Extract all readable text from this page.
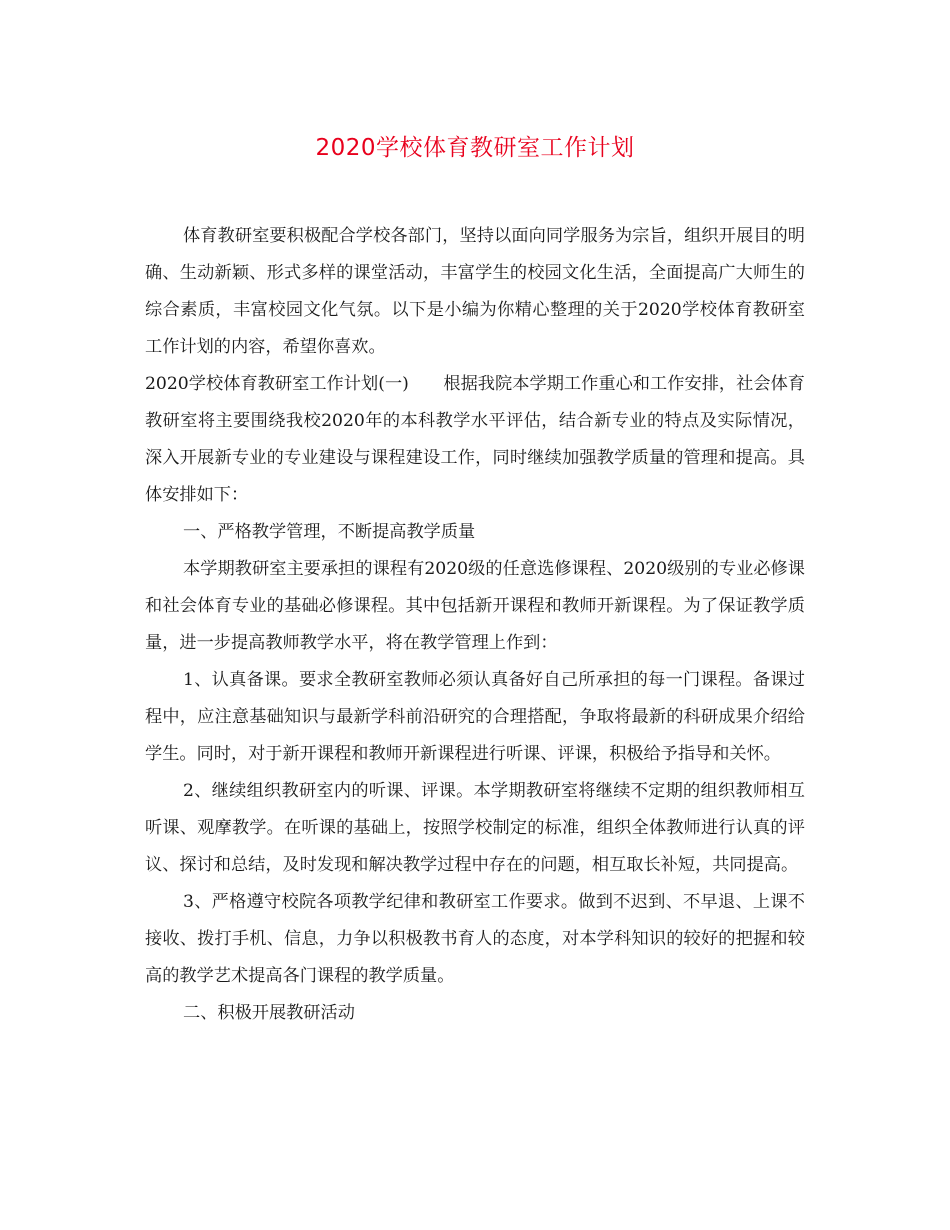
2020学校体育教研室工作计划

体育教研室要积极配合学校各部门，坚持以面向同学服务为宗旨，组织开展目的明确、生动新颖、形式多样的课堂活动，丰富学生的校园文化生活，全面提高广大师生的综合素质，丰富校园文化气氛。以下是小编为你精心整理的关于2020学校体育教研室工作计划的内容，希望你喜欢。

2020学校体育教研室工作计划(一)　　根据我院本学期工作重心和工作安排，社会体育教研室将主要围绕我校2020年的本科教学水平评估，结合新专业的特点及实际情况，深入开展新专业的专业建设与课程建设工作，同时继续加强教学质量的管理和提高。具体安排如下：

一、严格教学管理，不断提高教学质量

本学期教研室主要承担的课程有2020级的任意选修课程、2020级别的专业必修课和社会体育专业的基础必修课程。其中包括新开课程和教师开新课程。为了保证教学质量，进一步提高教师教学水平，将在教学管理上作到：

1、认真备课。要求全教研室教师必须认真备好自己所承担的每一门课程。备课过程中，应注意基础知识与最新学科前沿研究的合理搭配，争取将最新的科研成果介绍给学生。同时，对于新开课程和教师开新课程进行听课、评课，积极给予指导和关怀。

2、继续组织教研室内的听课、评课。本学期教研室将继续不定期的组织教师相互听课、观摩教学。在听课的基础上，按照学校制定的标准，组织全体教师进行认真的评议、探讨和总结，及时发现和解决教学过程中存在的问题，相互取长补短，共同提高。

3、严格遵守校院各项教学纪律和教研室工作要求。做到不迟到、不早退、上课不接收、拨打手机、信息，力争以积极教书育人的态度，对本学科知识的较好的把握和较高的教学艺术提高各门课程的教学质量。

二、积极开展教研活动
